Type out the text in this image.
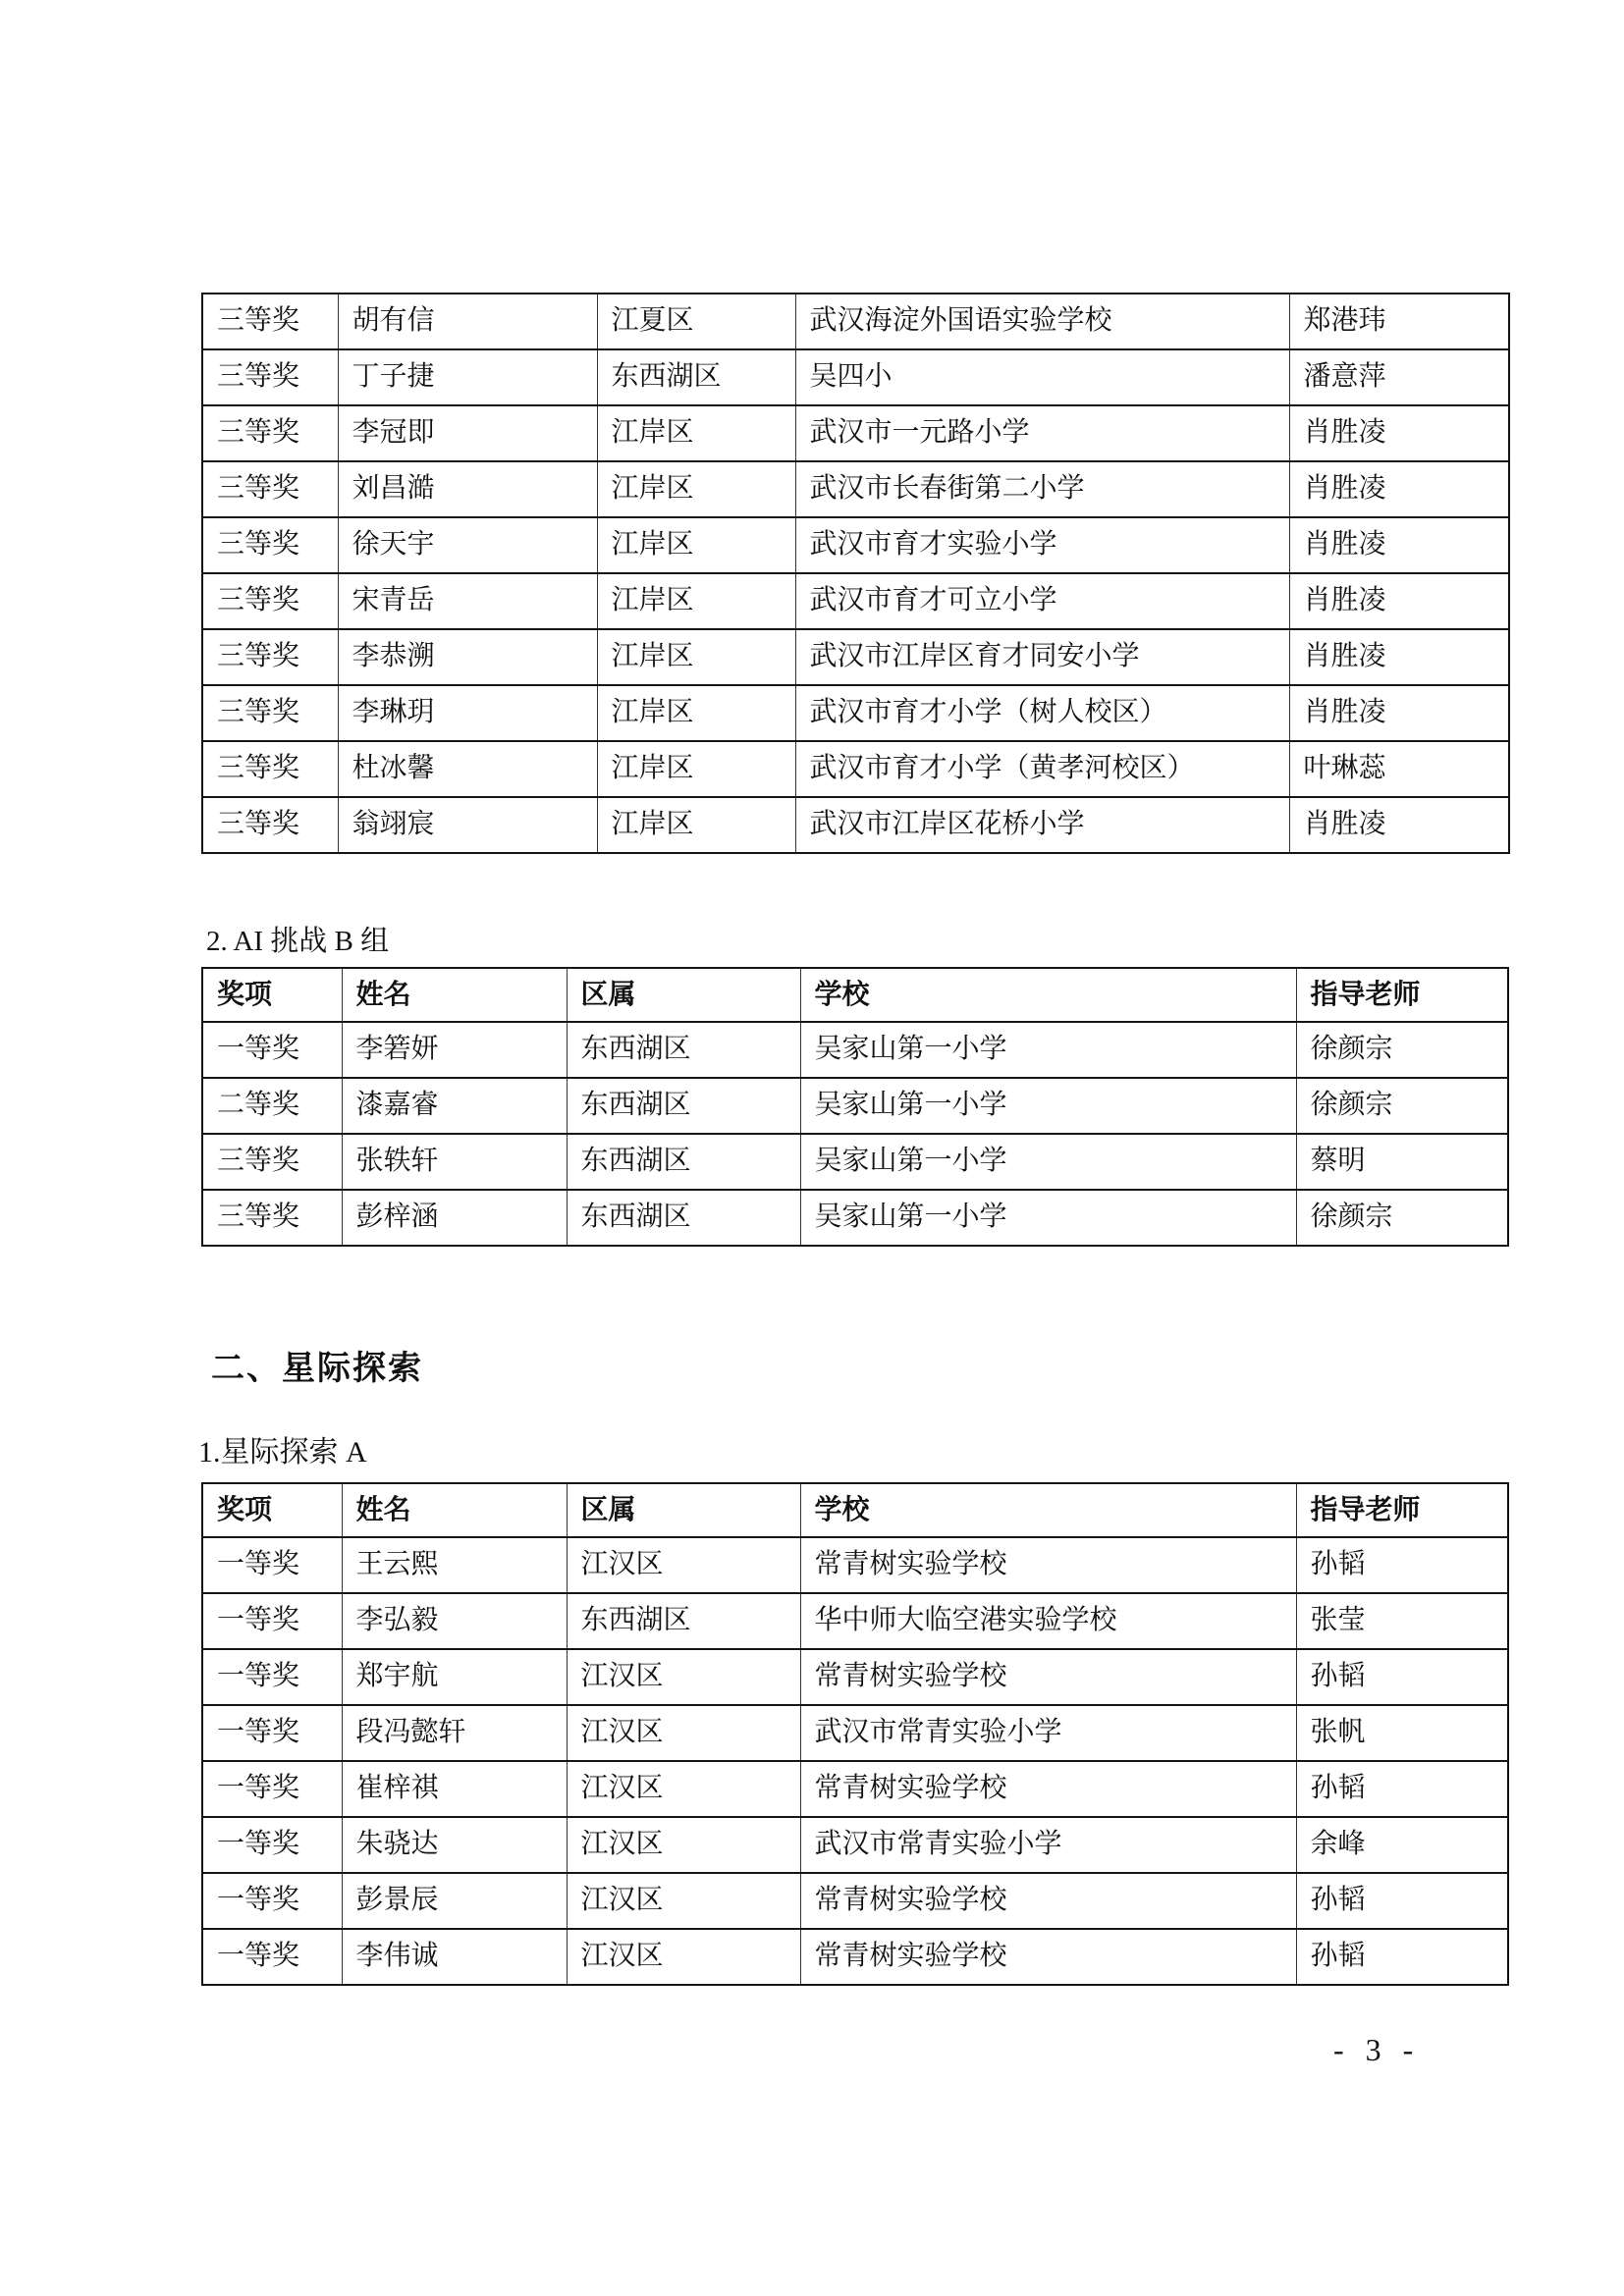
三等奖	胡有信	江夏区	武汉海淀外国语实验学校	郑港玮
三等奖	丁子捷	东西湖区	吴四小	潘意萍
三等奖	李冠即	江岸区	武汉市一元路小学	肖胜凌
三等奖	刘昌澔	江岸区	武汉市长春街第二小学	肖胜凌
三等奖	徐天宇	江岸区	武汉市育才实验小学	肖胜凌
三等奖	宋青岳	江岸区	武汉市育才可立小学	肖胜凌
三等奖	李恭溯	江岸区	武汉市江岸区育才同安小学	肖胜凌
三等奖	李琳玥	江岸区	武汉市育才小学（树人校区）	肖胜凌
三等奖	杜冰馨	江岸区	武汉市育才小学（黄孝河校区）	叶琳蕊
三等奖	翁翊宸	江岸区	武汉市江岸区花桥小学	肖胜凌
2. AI 挑战 B 组
奖项	姓名	区属	学校	指导老师
一等奖	李箬妍	东西湖区	吴家山第一小学	徐颜宗
二等奖	漆嘉睿	东西湖区	吴家山第一小学	徐颜宗
三等奖	张轶轩	东西湖区	吴家山第一小学	蔡明
三等奖	彭梓涵	东西湖区	吴家山第一小学	徐颜宗
二、星际探索
1.星际探索 A
奖项	姓名	区属	学校	指导老师
一等奖	王云熙	江汉区	常青树实验学校	孙韬
一等奖	李弘毅	东西湖区	华中师大临空港实验学校	张莹
一等奖	郑宇航	江汉区	常青树实验学校	孙韬
一等奖	段冯懿轩	江汉区	武汉市常青实验小学	张帆
一等奖	崔梓祺	江汉区	常青树实验学校	孙韬
一等奖	朱骁达	江汉区	武汉市常青实验小学	余峰
一等奖	彭景辰	江汉区	常青树实验学校	孙韬
一等奖	李伟诚	江汉区	常青树实验学校	孙韬
- 3 -
